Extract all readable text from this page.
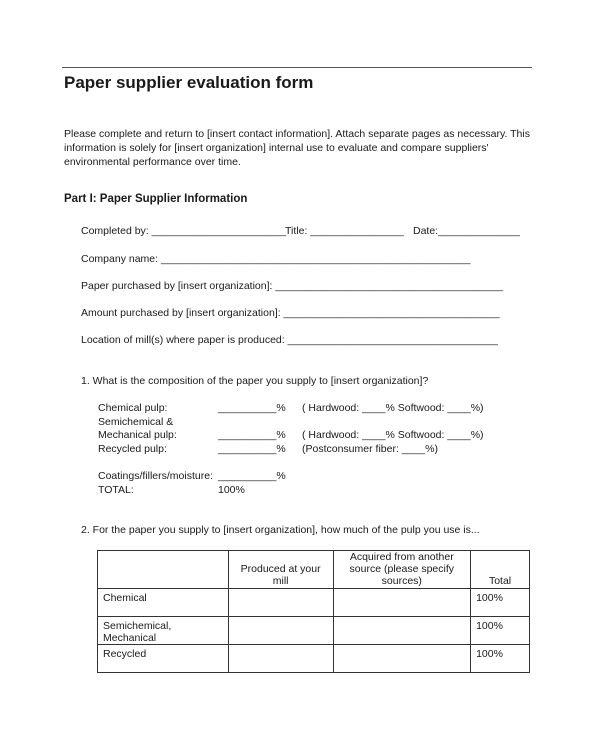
Paper supplier evaluation form
Please complete and return to [insert contact information]. Attach separate pages as necessary. This information is solely for [insert organization] internal use to evaluate and compare suppliers' environmental performance over time.
Part I: Paper Supplier Information
Completed by: _______________________ Title: ________________ Date:______________
Company name: _____________________________________________________
Paper purchased by [insert organization]: _______________________________________
Amount purchased by [insert organization]: _____________________________________
Location of mill(s) where paper is produced: ____________________________________
1. What is the composition of the paper you supply to [insert organization]?
Chemical pulp:	__________% ( Hardwood: ____% Softwood: ____%)
Semichemical &
Mechanical pulp:	__________% ( Hardwood: ____% Softwood: ____%)
Recycled pulp:	__________% (Postconsumer fiber: ____%)
Coatings/fillers/moisture: __________%
TOTAL:	100%
2. For the paper you supply to [insert organization], how much of the pulp you use is...
	Produced at your mill	Acquired from another source (please specify sources)	Total
Chemical			100%
Semichemical, Mechanical			100%
Recycled			100%
